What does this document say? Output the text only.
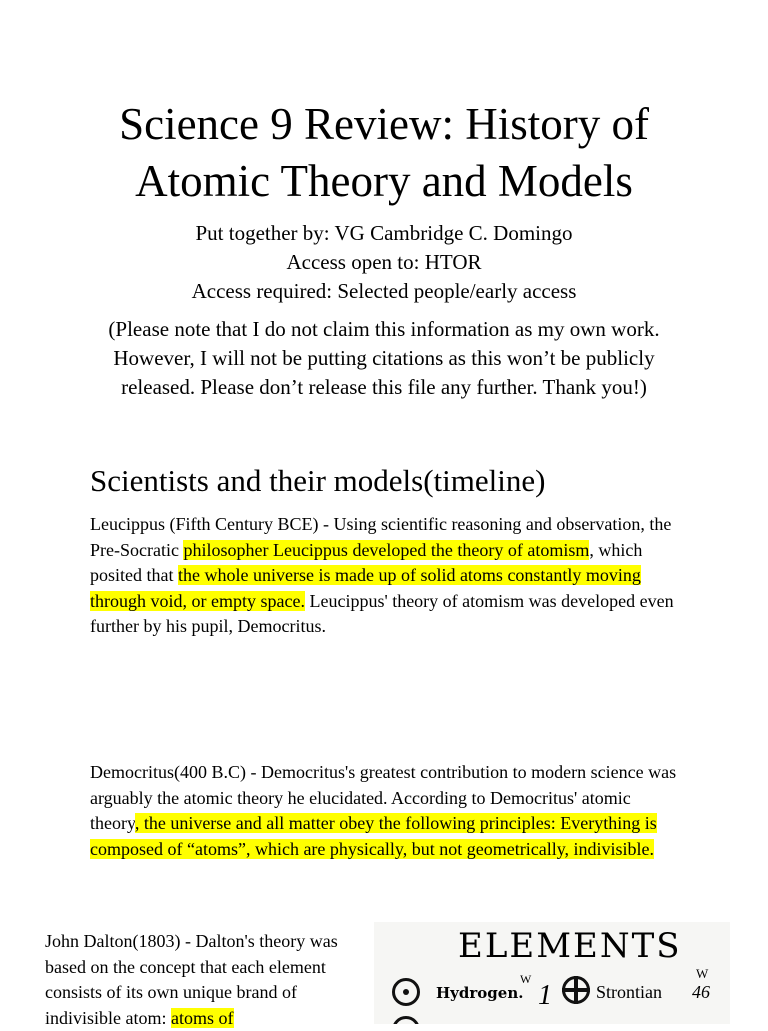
Science 9 Review: History of
Atomic Theory and Models
Put together by: VG Cambridge C. Domingo
Access open to: HTOR
Access required: Selected people/early access
(Please note that I do not claim this information as my own work. However, I will not be putting citations as this won’t be publicly released. Please don’t release this file any further. Thank you!)
Scientists and their models(timeline)
Leucippus (Fifth Century BCE) - Using scientific reasoning and observation, the Pre-Socratic philosopher Leucippus developed the theory of atomism, which posited that the whole universe is made up of solid atoms constantly moving through void, or empty space. Leucippus' theory of atomism was developed even further by his pupil, Democritus.
Democritus(400 B.C) - Democritus's greatest contribution to modern science was arguably the atomic theory he elucidated. According to Democritus' atomic theory, the universe and all matter obey the following principles: Everything is composed of “atoms”, which are physically, but not geometrically, indivisible.
John Dalton(1803) - Dalton's theory was based on the concept that each element consists of its own unique brand of indivisible atom: atoms of
ELEMENTS
Hydrogen.
W
1 Strontian
W
46
